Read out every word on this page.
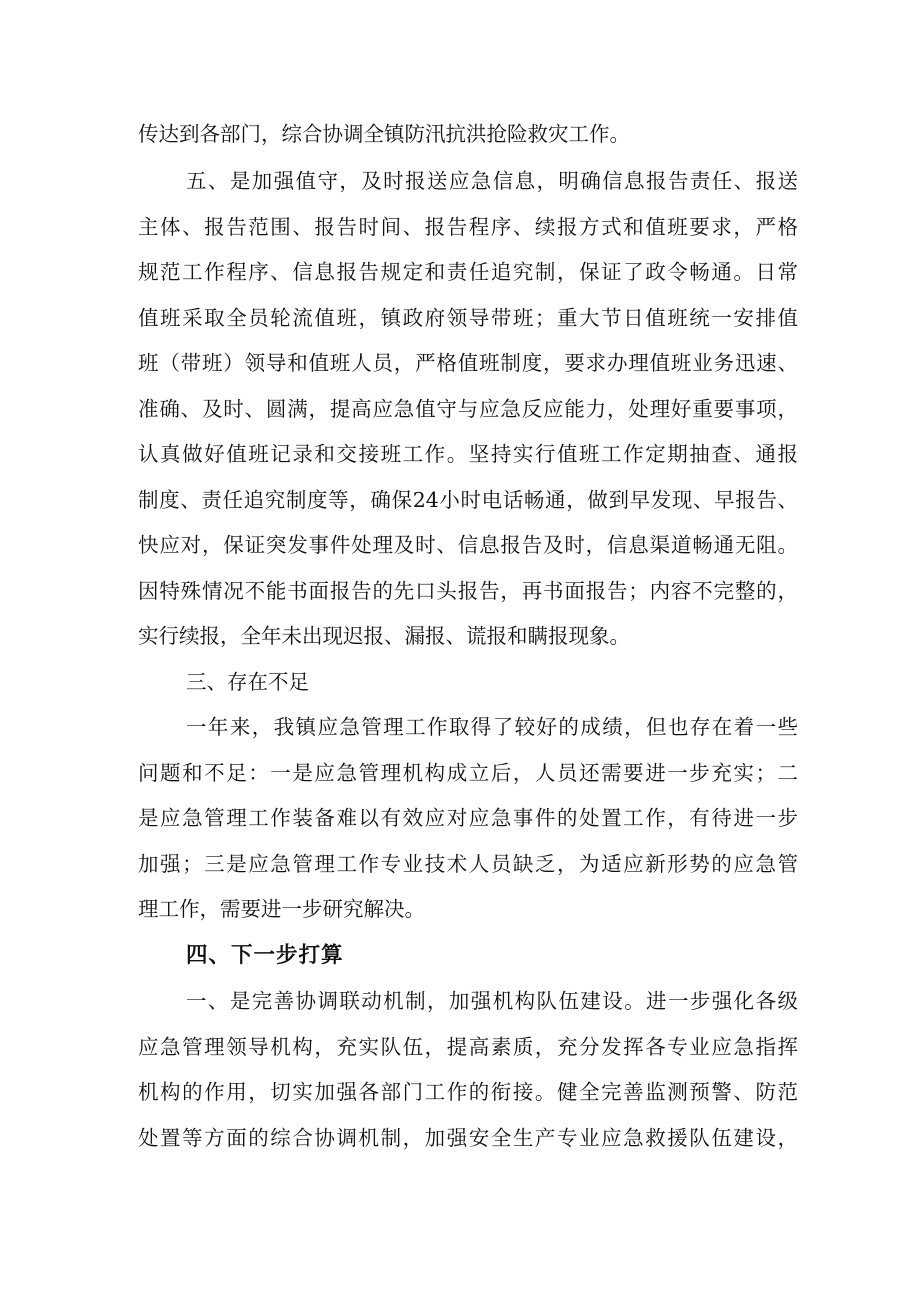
传达到各部门，综合协调全镇防汛抗洪抢险救灾工作。
五、是加强值守，及时报送应急信息，明确信息报告责任、报送
主体、报告范围、报告时间、报告程序、续报方式和值班要求，严格
规范工作程序、信息报告规定和责任追究制，保证了政令畅通。日常
值班采取全员轮流值班，镇政府领导带班；重大节日值班统一安排值
班（带班）领导和值班人员，严格值班制度，要求办理值班业务迅速、
准确、及时、圆满，提高应急值守与应急反应能力，处理好重要事项，
认真做好值班记录和交接班工作。坚持实行值班工作定期抽查、通报
制度、责任追究制度等，确保24小时电话畅通，做到早发现、早报告、
快应对，保证突发事件处理及时、信息报告及时，信息渠道畅通无阻。
因特殊情况不能书面报告的先口头报告，再书面报告；内容不完整的，
实行续报，全年未出现迟报、漏报、谎报和瞒报现象。
三、存在不足
一年来，我镇应急管理工作取得了较好的成绩，但也存在着一些
问题和不足：一是应急管理机构成立后，人员还需要进一步充实；二
是应急管理工作装备难以有效应对应急事件的处置工作，有待进一步
加强；三是应急管理工作专业技术人员缺乏，为适应新形势的应急管
理工作，需要进一步研究解决。
四、下一步打算
一、是完善协调联动机制，加强机构队伍建设。进一步强化各级
应急管理领导机构，充实队伍，提高素质，充分发挥各专业应急指挥
机构的作用，切实加强各部门工作的衔接。健全完善监测预警、防范
处置等方面的综合协调机制，加强安全生产专业应急救援队伍建设，
